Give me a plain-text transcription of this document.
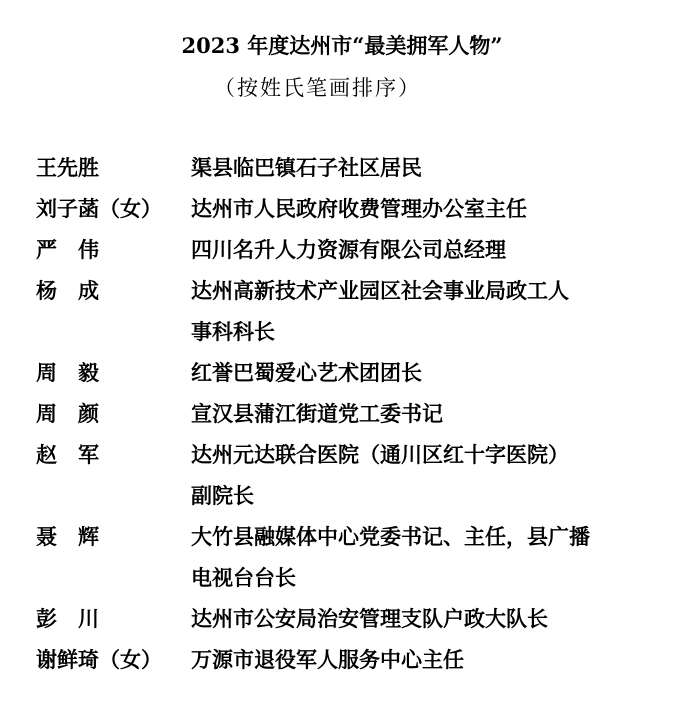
2023 年度达州市“最美拥军人物”

（按姓氏笔画排序）

王先胜	渠县临巴镇石子社区居民
刘子菡（女）	达州市人民政府收费管理办公室主任
严　伟	四川名升人力资源有限公司总经理
杨　成	达州高新技术产业园区社会事业局政工人
事科科长
周　毅	红誉巴蜀爱心艺术团团长
周　颜	宣汉县蒲江街道党工委书记
赵　军	达州元达联合医院（通川区红十字医院）
副院长
聂　辉	大竹县融媒体中心党委书记、主任，县广播
电视台台长
彭　川	达州市公安局治安管理支队户政大队长
谢鲜琦（女）	万源市退役军人服务中心主任
